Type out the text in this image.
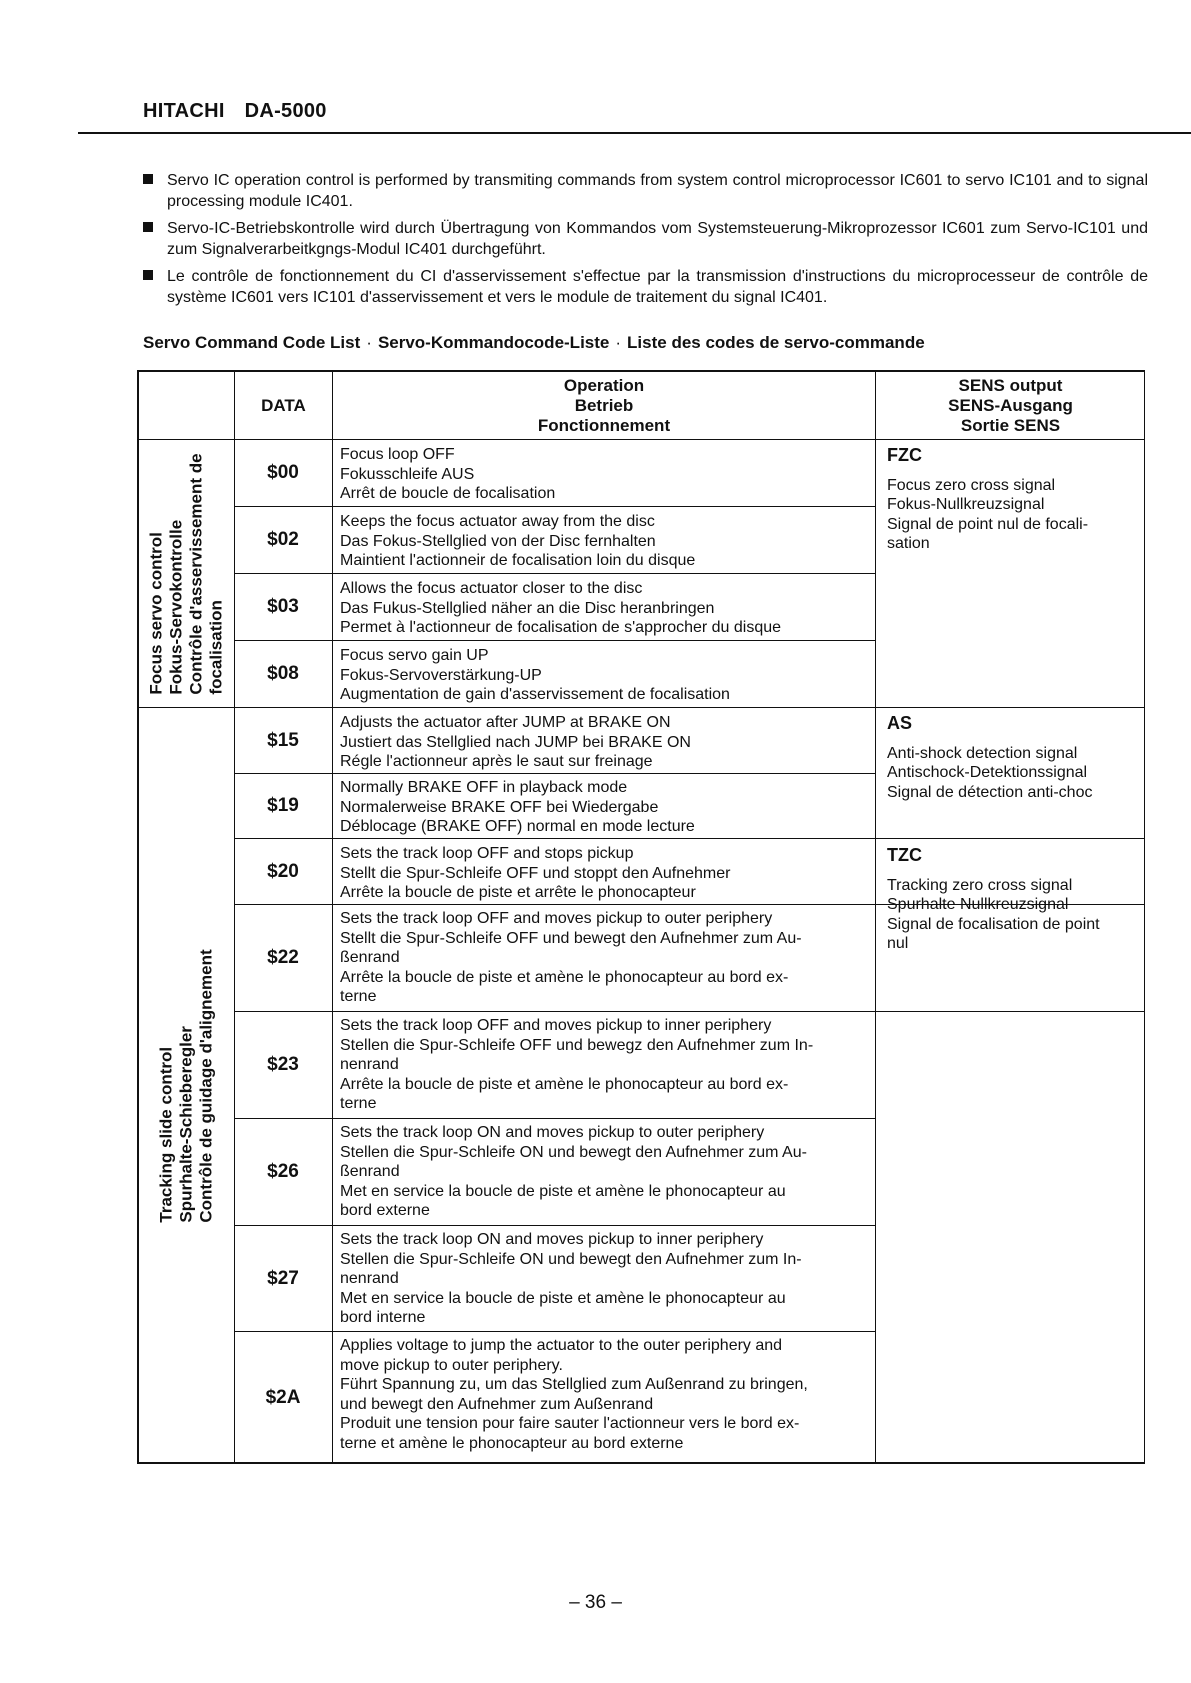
HITACHI DA-5000
Servo IC operation control is performed by transmiting commands from system control microprocessor IC601 to servo IC101 and to signal processing module IC401.
Servo-IC-Betriebskontrolle wird durch Übertragung von Kommandos vom Systemsteuerung-Mikroprozessor IC601 zum Servo-IC101 und zum Signalverarbeitkgngs-Modul IC401 durchgeführt.
Le contrôle de fonctionnement du CI d'asservissement s'effectue par la transmission d'instructions du microprocesseur de contrôle de système IC601 vers IC101 d'asservissement et vers le module de traitement du signal IC401.
Servo Command Code List · Servo-Kommandocode-Liste · Liste des codes de servo-commande
DATA
Operation
Betrieb
Fonctionnement
SENS output
SENS-Ausgang
Sortie SENS
Focus servo control Fokus-Servokontrolle Contrôle d'asservissement de focalisation
Tracking slide control Spurhalte-Schieberegler Contrôle de guidage d'alignement
$00
Focus loop OFF
Fokusschleife AUS
Arrêt de boucle de focalisation
$02
Keeps the focus actuator away from the disc
Das Fokus-Stellglied von der Disc fernhalten
Maintient l'actionneir de focalisation loin du disque
$03
Allows the focus actuator closer to the disc
Das Fukus-Stellglied näher an die Disc heranbringen
Permet à l'actionneur de focalisation de s'approcher du disque
$08
Focus servo gain UP
Fokus-Servoverstärkung-UP
Augmentation de gain d'asservissement de focalisation
FZC
Focus zero cross signal
Fokus-Nullkreuzsignal
Signal de point nul de focali-
sation
$15
Adjusts the actuator after JUMP at BRAKE ON
Justiert das Stellglied nach JUMP bei BRAKE ON
Régle l'actionneur après le saut sur freinage
$19
Normally BRAKE OFF in playback mode
Normalerweise BRAKE OFF bei Wiedergabe
Déblocage (BRAKE OFF) normal en mode lecture
$20
Sets the track loop OFF and stops pickup
Stellt die Spur-Schleife OFF und stoppt den Aufnehmer
Arrête la boucle de piste et arrête le phonocapteur
$22
Sets the track loop OFF and moves pickup to outer periphery
Stellt die Spur-Schleife OFF und bewegt den Aufnehmer zum Au-
ßenrand
Arrête la boucle de piste et amène le phonocapteur au bord ex-
terne
$23
Sets the track loop OFF and moves pickup to inner periphery
Stellen die Spur-Schleife OFF und bewegz den Aufnehmer zum In-
nenrand
Arrête la boucle de piste et amène le phonocapteur au bord ex-
terne
$26
Sets the track loop ON and moves pickup to outer periphery
Stellen die Spur-Schleife ON und bewegt den Aufnehmer zum Au-
ßenrand
Met en service la boucle de piste et amène le phonocapteur au
bord externe
$27
Sets the track loop ON and moves pickup to inner periphery
Stellen die Spur-Schleife ON und bewegt den Aufnehmer zum In-
nenrand
Met en service la boucle de piste et amène le phonocapteur au
bord interne
$2A
Applies voltage to jump the actuator to the outer periphery and
move pickup to outer periphery.
Führt Spannung zu, um das Stellglied zum Außenrand zu bringen,
und bewegt den Aufnehmer zum Außenrand
Produit une tension pour faire sauter l'actionneur vers le bord ex-
terne et amène le phonocapteur au bord externe
AS
Anti-shock detection signal
Antischock-Detektionssignal
Signal de détection anti-choc
TZC
Tracking zero cross signal
Spurhalte Nullkreuzsignal
Signal de focalisation de point
nul
– 36 –
